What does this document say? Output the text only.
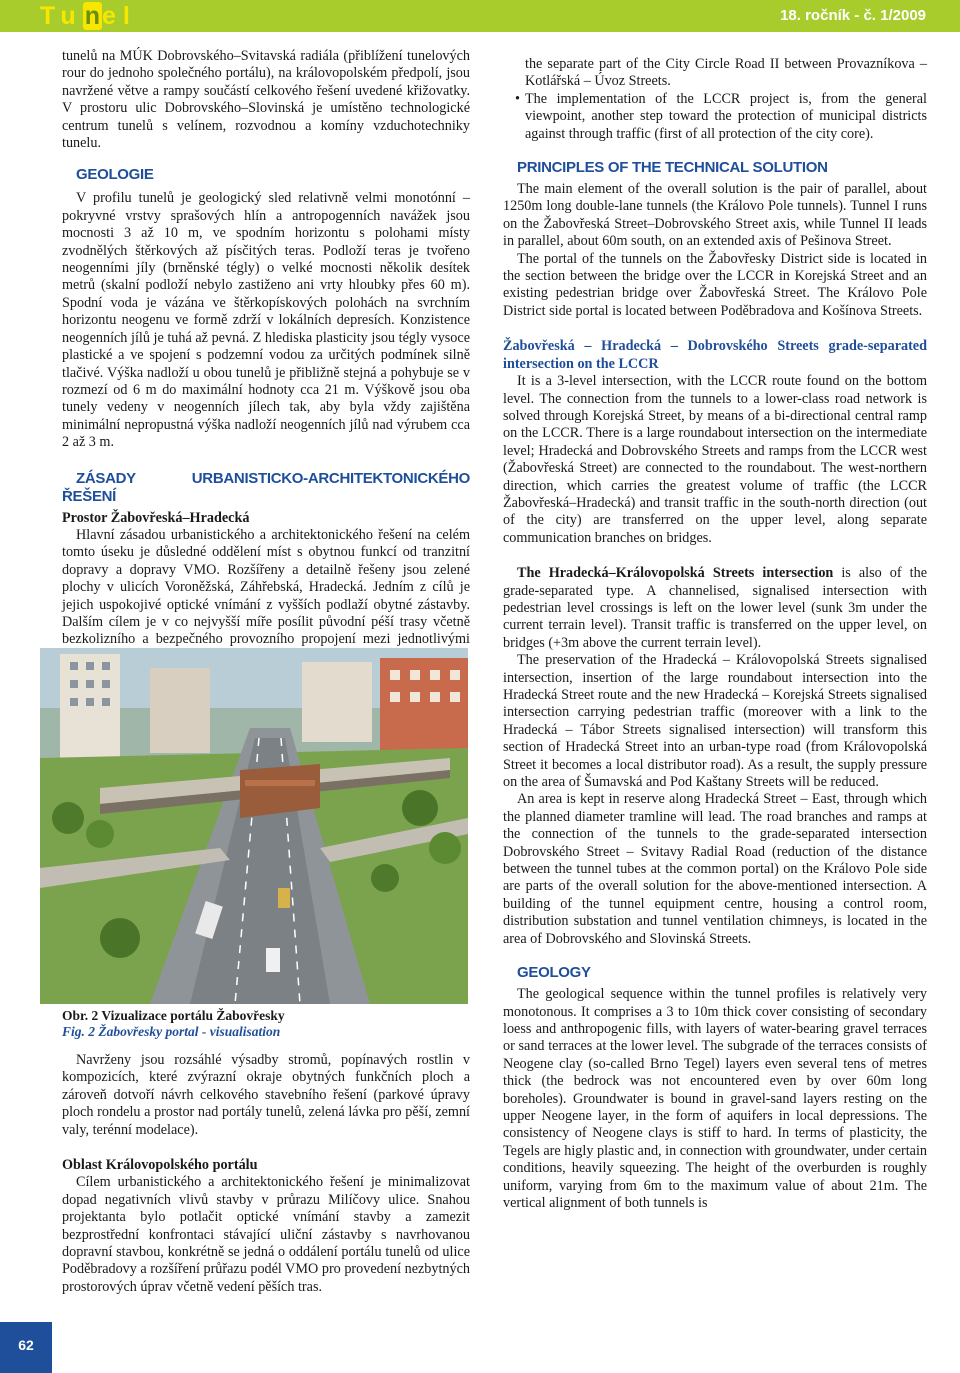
Tunel	18. ročník - č. 1/2009

tunelů na MÚK Dobrovského–Svitavská radiála (přiblížení tunelových rour do jednoho společného portálu), na královopolském předpolí, jsou navržené větve a rampy součástí celkového řešení uvedené křižovatky. V prostoru ulic Dobrovského–Slovinská je umístěno technologické centrum tunelů s velínem, rozvodnou a komíny vzduchotechniky tunelu.

GEOLOGIE

V profilu tunelů je geologický sled relativně velmi monotónní – pokryvné vrstvy sprašových hlín a antropogenních navážek jsou mocnosti 3 až 10 m, ve spodním horizontu s polohami místy zvodnělých štěrkových až písčitých teras. Podloží teras je tvořeno neogenními jíly (brněnské tégly) o velké mocnosti několik desítek metrů (skalní podloží nebylo zastiženo ani vrty hloubky přes 60 m). Spodní voda je vázána ve štěrkopískových polohách na svrchním horizontu neogenu ve formě zdrží v lokálních depresích. Konzistence neogenních jílů je tuhá až pevná. Z hlediska plasticity jsou tégly vysoce plastické a ve spojení s podzemní vodou za určitých podmínek silně tlačivé. Výška nadloží u obou tunelů je přibližně stejná a pohybuje se v rozmezí od 6 m do maximální hodnoty cca 21 m. Výškově jsou oba tunely vedeny v neogenních jílech tak, aby byla vždy zajištěna minimální nepropustná výška nadloží neogenních jílů nad výrubem cca 2 až 3 m.

ZÁSADY URBANISTICKO-ARCHITEKTONICKÉHO ŘEŠENÍ

Prostor Žabovřeská–Hradecká

Hlavní zásadou urbanistického a architektonického řešení na celém tomto úseku je důsledné oddělení míst s obytnou funkcí od tranzitní dopravy a dopravy VMO. Rozšířeny a detailně řešeny jsou zelené plochy v ulicích Voroněžská, Záhřebská, Hradecká. Jedním z cílů je jejich uspokojivé optické vnímání z vyšších podlaží obytné zástavby. Dalším cílem je v co nejvyšší míře posílit původní péší trasy včetně bezkolizního a bezpečného provozního propojení mezi jednotlivými

Obr. 2 Vizualizace portálu Žabovřesky
Fig. 2 Žabovřesky portal - visualisation

Navrženy jsou rozsáhlé výsadby stromů, popínavých rostlin v kompozicích, které zvýrazní okraje obytných funkčních ploch a zároveň dotvoří návrh celkového stavebního řešení (parkové úpravy ploch rondelu a prostor nad portály tunelů, zelená lávka pro pěší, zemní valy, terénní modelace).

Oblast Královopolského portálu

Cílem urbanistického a architektonického řešení je minimalizovat dopad negativních vlivů stavby v průrazu Milíčovy ulice. Snahou projektanta bylo potlačit optické vnímání stavby a zamezit bezprostřední konfrontaci stávající uliční zástavby s navrhovanou dopravní stavbou, konkrétně se jedná o oddálení portálu tunelů od ulice Poděbradovy a rozšíření průřazu podél VMO pro provedení nezbytných prostorových úprav včetně vedení pěších tras.

the separate part of the City Circle Road II between Provazníkova – Kotlářská – Úvoz Streets.

• The implementation of the LCCR project is, from the general viewpoint, another step toward the protection of municipal districts against through traffic (first of all protection of the city core).

PRINCIPLES OF THE TECHNICAL SOLUTION

The main element of the overall solution is the pair of parallel, about 1250m long double-lane tunnels (the Královo Pole tunnels). Tunnel I runs on the Žabovřeská Street–Dobrovského Street axis, while Tunnel II leads in parallel, about 60m south, on an extended axis of Pešinova Street.

The portal of the tunnels on the Žabovřesky District side is located in the section between the bridge over the LCCR in Korejská Street and an existing pedestrian bridge over Žabovřeská Street. The Královo Pole District side portal is located between Poděbradova and Košínova Streets.

Žabovřeská – Hradecká – Dobrovského Streets grade-separated intersection on the LCCR

It is a 3-level intersection, with the LCCR route found on the bottom level. The connection from the tunnels to a lower-class road network is solved through Korejská Street, by means of a bi-directional central ramp on the LCCR. There is a large roundabout intersection on the intermediate level; Hradecká and Dobrovského Streets and ramps from the LCCR west (Žabovřeská Street) are connected to the roundabout. The west-northern direction, which carries the greatest volume of traffic (the LCCR Žabovřeská–Hradecká) and transit traffic in the south-north direction (out of the city) are transferred on the upper level, along separate communication branches on bridges.

The Hradecká–Královopolská Streets intersection is also of the grade-separated type. A channelised, signalised intersection with pedestrian level crossings is left on the lower level (sunk 3m under the current terrain level). Transit traffic is transferred on the upper level, on bridges (+3m above the current terrain level).

The preservation of the Hradecká – Královopolská Streets signalised intersection, insertion of the large roundabout intersection into the Hradecká Street route and the new Hradecká – Korejská Streets signalised intersection carrying pedestrian traffic (moreover with a link to the Hradecká – Tábor Streets signalised intersection) will transform this section of Hradecká Street into an urban-type road (from Královopolská Street it becomes a local distributor road). As a result, the supply pressure on the area of Šumavská and Pod Kaštany Streets will be reduced.

An area is kept in reserve along Hradecká Street – East, through which the planned diameter tramline will lead. The road branches and ramps at the connection of the tunnels to the grade-separated intersection Dobrovského Street – Svitavy Radial Road (reduction of the distance between the tunnel tubes at the common portal) on the Královo Pole side are parts of the overall solution for the above-mentioned intersection. A building of the tunnel equipment centre, housing a control room, distribution substation and tunnel ventilation chimneys, is located in the area of Dobrovského and Slovinská Streets.

GEOLOGY

The geological sequence within the tunnel profiles is relatively very monotonous. It comprises a 3 to 10m thick cover consisting of secondary loess and anthropogenic fills, with layers of water-bearing gravel terraces or sand terraces at the lower level. The subgrade of the terraces consists of Neogene clay (so-called Brno Tegel) layers even several tens of metres thick (the bedrock was not encountered even by over 60m long boreholes). Groundwater is bound in gravel-sand layers resting on the upper Neogene layer, in the form of aquifers in local depressions. The consistency of Neogene clays is stiff to hard. In terms of plasticity, the Tegels are higly plastic and, in connection with groundwater, under certain conditions, heavily squeezing. The height of the overburden is roughly uniform, varying from 6m to the maximum value of about 21m. The vertical alignment of both tunnels is

62
